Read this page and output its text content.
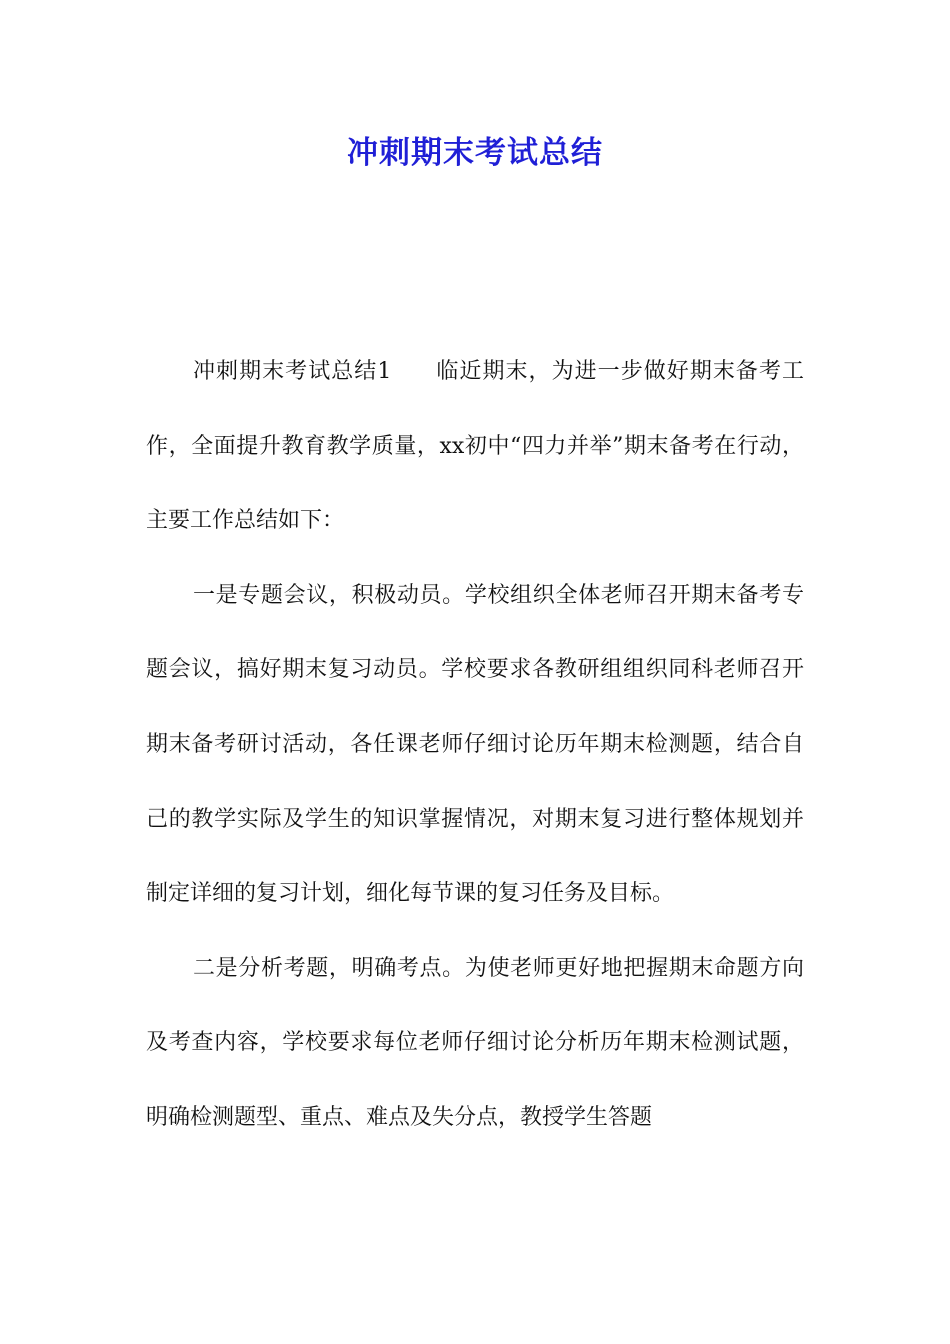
冲刺期末考试总结

冲刺期末考试总结1 临近期末，为进一步做好期末备考工作，全面提升教育教学质量，xx初中“四力并举”期末备考在行动，主要工作总结如下：

一是专题会议，积极动员。学校组织全体老师召开期末备考专题会议，搞好期末复习动员。学校要求各教研组组织同科老师召开期末备考研讨活动，各任课老师仔细讨论历年期末检测题，结合自己的教学实际及学生的知识掌握情况，对期末复习进行整体规划并制定详细的复习计划，细化每节课的复习任务及目标。

二是分析考题，明确考点。为使老师更好地把握期末命题方向及考查内容，学校要求每位老师仔细讨论分析历年期末检测试题，明确检测题型、重点、难点及失分点，教授学生答题
